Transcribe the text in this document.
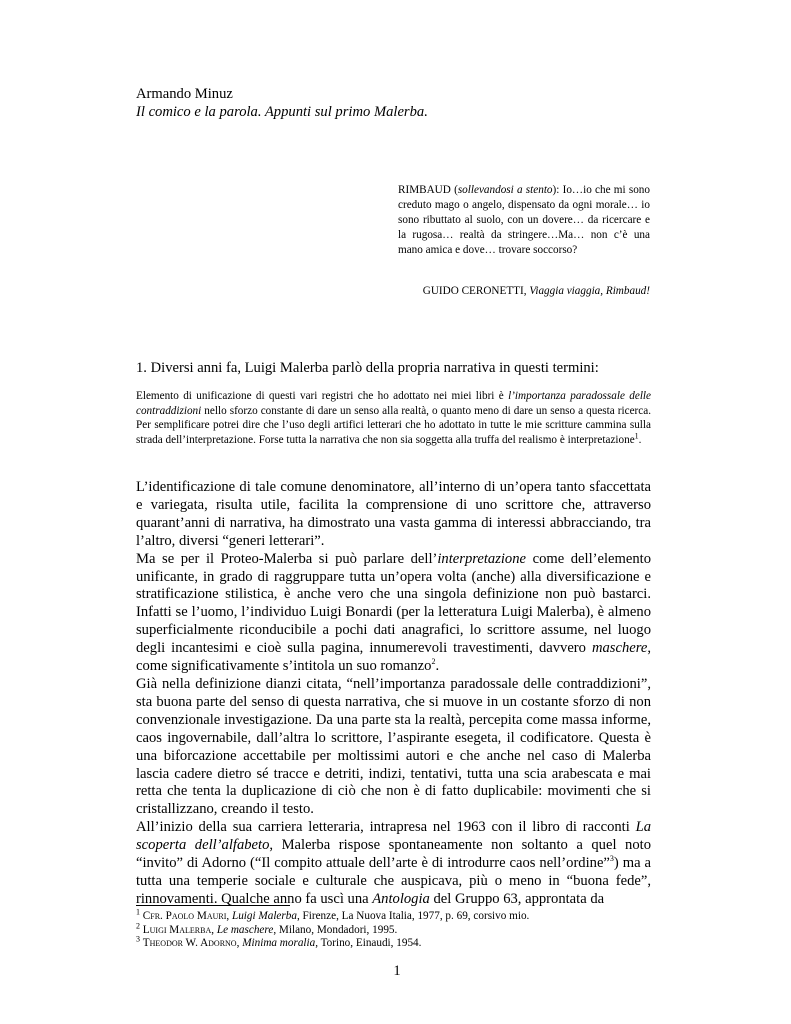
Armando Minuz
Il comico e la parola. Appunti sul primo Malerba.
RIMBAUD (sollevandosi a stento): Io…io che mi sono creduto mago o angelo, dispensato da ogni morale… io sono ributtato al suolo, con un dovere… da ricercare e la rugosa… realtà da stringere…Ma… non c’è una mano amica e dove… trovare soccorso?
GUIDO CERONETTI, Viaggia viaggia, Rimbaud!
1. Diversi anni fa, Luigi Malerba parlò della propria narrativa in questi termini:
Elemento di unificazione di questi vari registri che ho adottato nei miei libri è l’importanza paradossale delle contraddizioni nello sforzo constante di dare un senso alla realtà, o quanto meno di dare un senso a questa ricerca. Per semplificare potrei dire che l’uso degli artifici letterari che ho adottato in tutte le mie scritture cammina sulla strada dell’interpretazione. Forse tutta la narrativa che non sia soggetta alla truffa del realismo è interpretazione$^1$.

L’identificazione di tale comune denominatore, all’interno di un’opera tanto sfaccettata e variegata, risulta utile, facilita la comprensione di uno scrittore che, attraverso quarant’anni di narrativa, ha dimostrato una vasta gamma di interessi abbracciando, tra l’altro, diversi “generi letterari”.

Ma se per il Proteo-Malerba si può parlare dell’interpretazione come dell’elemento unificante, in grado di raggruppare tutta un’opera volta (anche) alla diversificazione e stratificazione stilistica, è anche vero che una singola definizione non può bastarci. Infatti se l’uomo, l’individuo Luigi Bonardi (per la letteratura Luigi Malerba), è almeno superficialmente riconducibile a pochi dati anagrafici, lo scrittore assume, nel luogo degli incantesimi e cioè sulla pagina, innumerevoli travestimenti, davvero maschere, come significativamente s’intitola un suo romanzo$^2$.

Già nella definizione dianzi citata, “nell’importanza paradossale delle contraddizioni”, sta buona parte del senso di questa narrativa, che si muove in un costante sforzo di non convenzionale investigazione. Da una parte sta la realtà, percepita come massa informe, caos ingovernabile, dall’altra lo scrittore, l’aspirante esegeta, il codificatore. Questa è una biforcazione accettabile per moltissimi autori e che anche nel caso di Malerba lascia cadere dietro sé tracce e detriti, indizi, tentativi, tutta una scia arabescata e mai retta che tenta la duplicazione di ciò che non è di fatto duplicabile: movimenti che si cristallizzano, creando il testo.

All’inizio della sua carriera letteraria, intrapresa nel 1963 con il libro di racconti La scoperta dell’alfabeto, Malerba rispose spontaneamente non soltanto a quel noto “invito” di Adorno (“Il compito attuale dell’arte è di introdurre caos nell’ordine”$^3$) ma a tutta una temperie sociale e culturale che auspicava, più o meno in “buona fede”, rinnovamenti. Qualche anno fa uscì una Antologia del Gruppo 63, approntata da

$^1$ Cfr. Paolo Mauri, Luigi Malerba, Firenze, La Nuova Italia, 1977, p. 69, corsivo mio.
$^2$ Luigi Malerba, Le maschere, Milano, Mondadori, 1995.
$^3$ Theodor W. Adorno, Minima moralia, Torino, Einaudi, 1954.
1
